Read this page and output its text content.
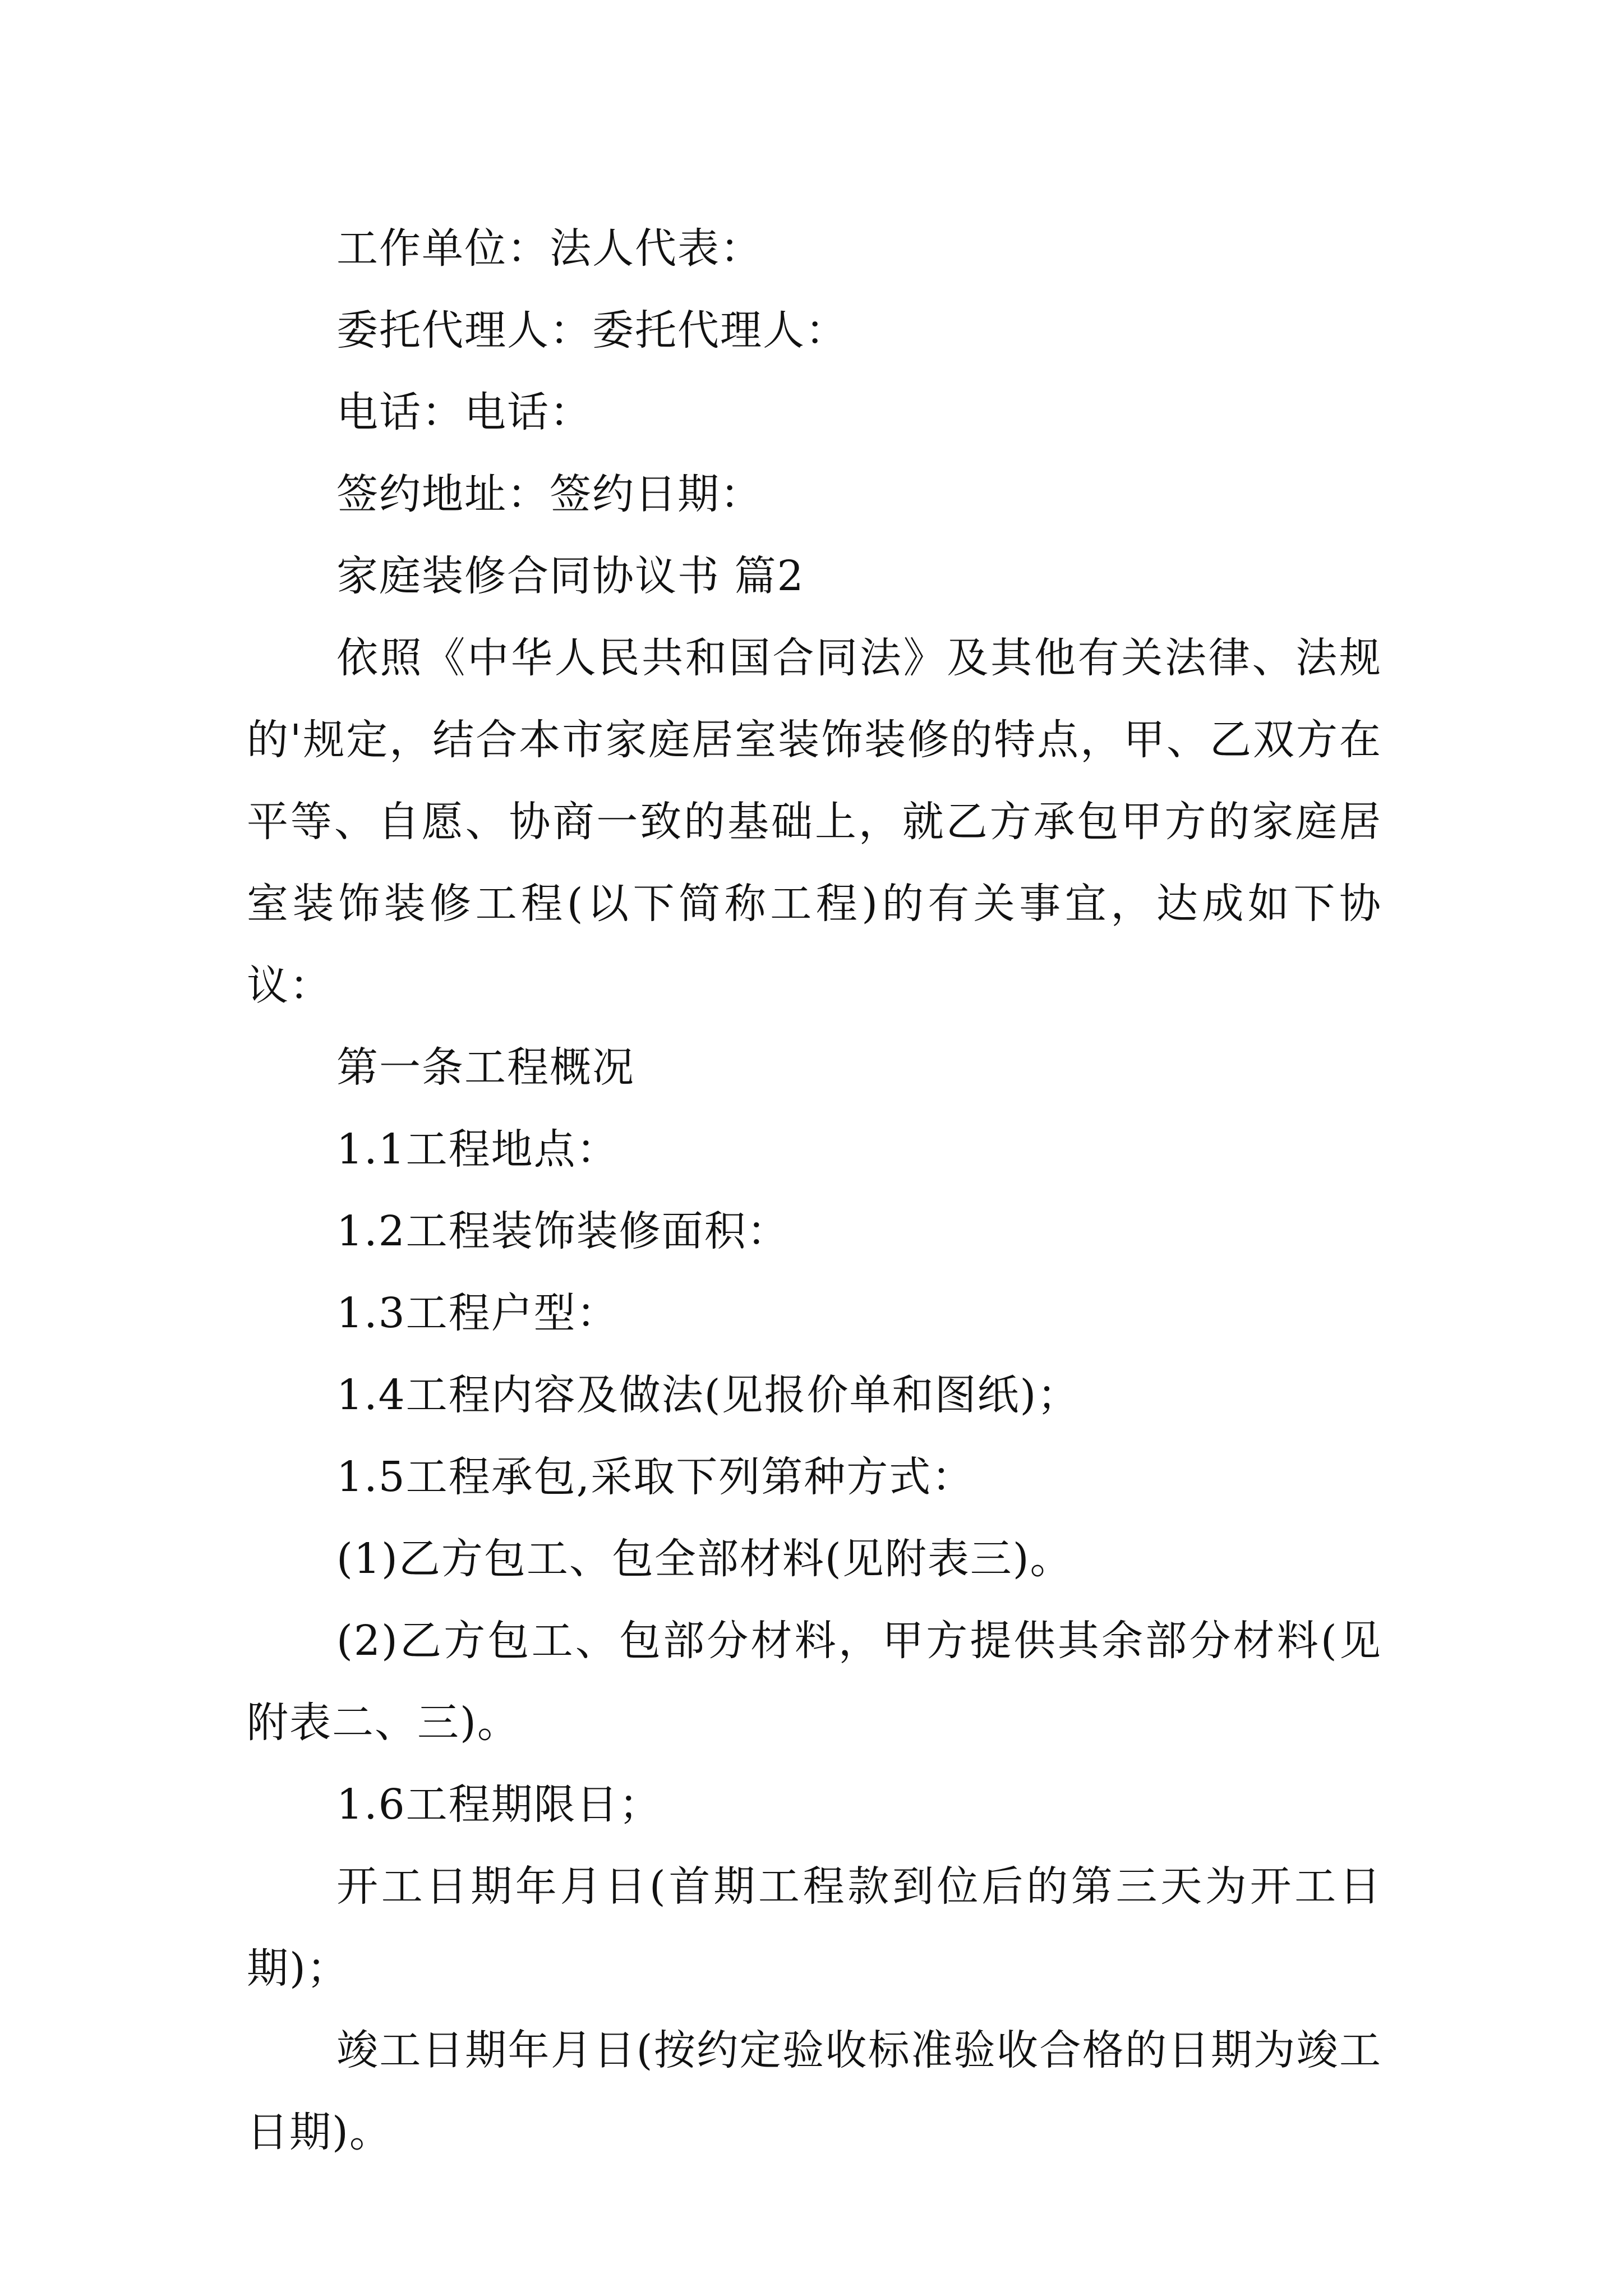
工作单位：法人代表：

委托代理人：委托代理人：

电话：电话：

签约地址：签约日期：

家庭装修合同协议书 篇2

依照《中华人民共和国合同法》及其他有关法律、法规的'规定，结合本市家庭居室装饰装修的特点，甲、乙双方在平等、自愿、协商一致的基础上，就乙方承包甲方的家庭居室装饰装修工程(以下简称工程)的有关事宜，达成如下协议：

第一条工程概况

1.1工程地点：

1.2工程装饰装修面积：

1.3工程户型：

1.4工程内容及做法(见报价单和图纸)；

1.5工程承包,采取下列第种方式：

(1)乙方包工、包全部材料(见附表三)。

(2)乙方包工、包部分材料，甲方提供其余部分材料(见附表二、三)。

1.6工程期限日；

开工日期年月日(首期工程款到位后的第三天为开工日期)；

竣工日期年月日(按约定验收标准验收合格的日期为竣工日期)。
